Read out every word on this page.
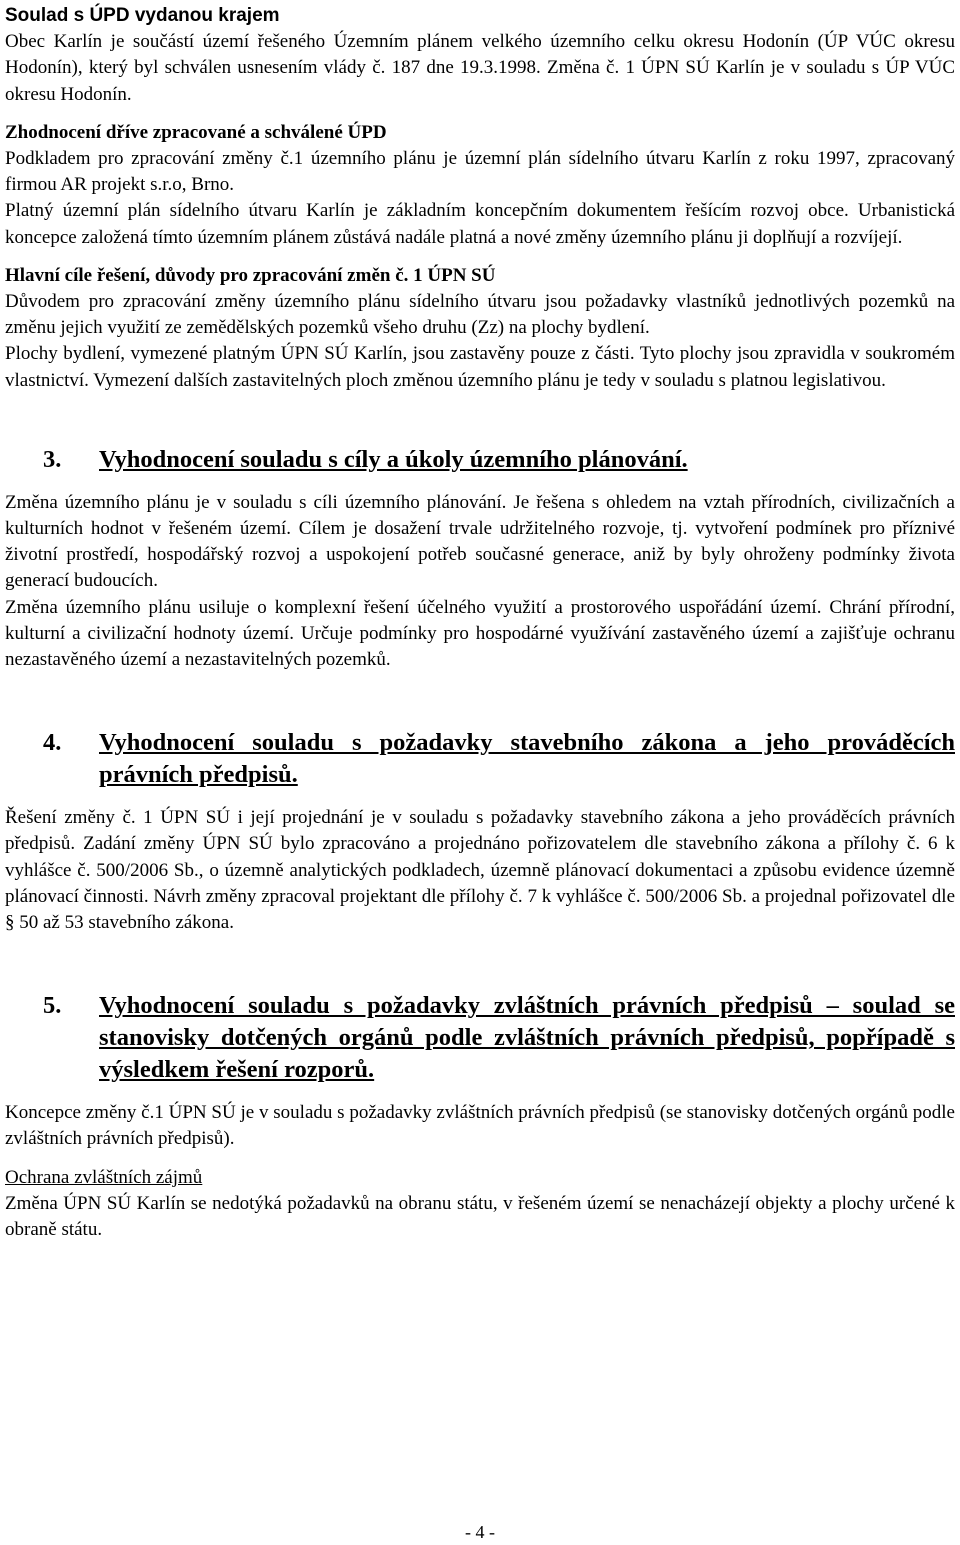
Soulad s ÚPD vydanou krajem

Obec Karlín je součástí území řešeného Územním plánem velkého územního celku okresu Hodonín (ÚP VÚC okresu Hodonín), který byl schválen usnesením vlády č. 187 dne 19.3.1998. Změna č. 1 ÚPN SÚ Karlín je v souladu s ÚP VÚC okresu Hodonín.

Zhodnocení dříve zpracované a schválené ÚPD

Podkladem pro zpracování změny č.1 územního plánu je územní plán sídelního útvaru Karlín z roku 1997, zpracovaný firmou AR projekt s.r.o, Brno.

Platný územní plán sídelního útvaru Karlín je základním koncepčním dokumentem řešícím rozvoj obce. Urbanistická koncepce založená tímto územním plánem zůstává nadále platná a nové změny územního plánu ji doplňují a rozvíjejí.

Hlavní cíle řešení, důvody pro zpracování změn č. 1 ÚPN SÚ

Důvodem pro zpracování změny územního plánu sídelního útvaru jsou požadavky vlastníků jednotlivých pozemků na změnu jejich využití ze zemědělských pozemků všeho druhu (Zz) na plochy bydlení.

Plochy bydlení, vymezené platným ÚPN SÚ Karlín, jsou zastavěny pouze z části. Tyto plochy jsou zpravidla v soukromém vlastnictví. Vymezení dalších zastavitelných ploch změnou územního plánu je tedy v souladu s platnou legislativou.

3.	Vyhodnocení souladu s cíly a úkoly územního plánování.

Změna územního plánu je v souladu s cíli územního plánování. Je řešena s ohledem na vztah přírodních, civilizačních a kulturních hodnot v řešeném území. Cílem je dosažení trvale udržitelného rozvoje, tj. vytvoření podmínek pro příznivé životní prostředí, hospodářský rozvoj a uspokojení potřeb současné generace, aniž by byly ohroženy podmínky života generací budoucích.

Změna územního plánu usiluje o komplexní řešení účelného využití a prostorového uspořádání území. Chrání přírodní, kulturní a civilizační hodnoty území. Určuje podmínky pro hospodárné využívání zastavěného území a zajišťuje ochranu nezastavěného území a nezastavitelných pozemků.

4.	Vyhodnocení souladu s požadavky stavebního zákona a jeho prováděcích právních předpisů.

Řešení změny č. 1 ÚPN SÚ i její projednání je v souladu s požadavky stavebního zákona a jeho prováděcích právních předpisů. Zadání změny ÚPN SÚ bylo zpracováno a projednáno pořizovatelem dle stavebního zákona a přílohy č. 6 k vyhlášce č. 500/2006 Sb., o územně analytických podkladech, územně plánovací dokumentaci a způsobu evidence územně plánovací činnosti. Návrh změny zpracoval projektant dle přílohy č. 7 k vyhlášce č. 500/2006 Sb. a projednal pořizovatel dle § 50 až 53 stavebního zákona.

5.	Vyhodnocení souladu s požadavky zvláštních právních předpisů – soulad se stanovisky dotčených orgánů podle zvláštních právních předpisů, popřípadě s výsledkem řešení rozporů.

Koncepce změny č.1 ÚPN SÚ je v souladu s požadavky zvláštních právních předpisů (se stanovisky dotčených orgánů podle zvláštních právních předpisů).

Ochrana zvláštních zájmů

Změna ÚPN SÚ Karlín se nedotýká požadavků na obranu státu, v řešeném území se nenacházejí objekty a plochy určené k obraně státu.

- 4 -
